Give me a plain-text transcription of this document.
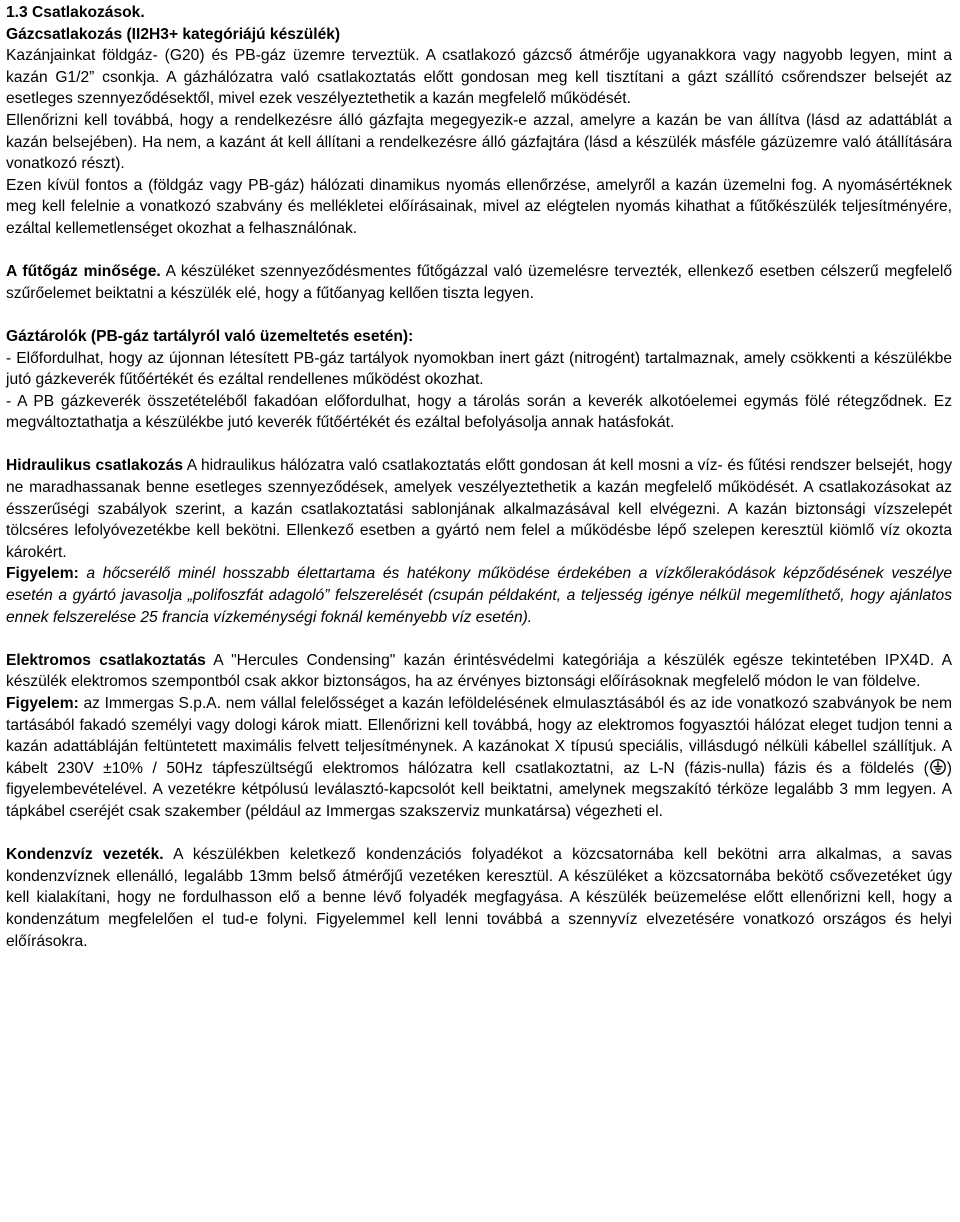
1.3 Csatlakozások.

Gázcsatlakozás (II2H3+ kategóriájú készülék)

Kazánjainkat földgáz- (G20) és PB-gáz üzemre terveztük. A csatlakozó gázcső átmérője ugyanakkora vagy nagyobb legyen, mint a kazán G1/2” csonkja. A gázhálózatra való csatlakoztatás előtt gondosan meg kell tisztítani a gázt szállító csőrendszer belsejét az esetleges szennyeződésektől, mivel ezek veszélyeztethetik a kazán megfelelő működését.

Ellenőrizni kell továbbá, hogy a rendelkezésre álló gázfajta megegyezik-e azzal, amelyre a kazán be van állítva (lásd az adattáblát a kazán belsejében). Ha nem, a kazánt át kell állítani a rendelkezésre álló gázfajtára (lásd a készülék másféle gázüzemre való átállítására vonatkozó részt).

Ezen kívül fontos a (földgáz vagy PB-gáz) hálózati dinamikus nyomás ellenőrzése, amelyről a kazán üzemelni fog. A nyomásértéknek meg kell felelnie a vonatkozó szabvány és mellékletei előírásainak, mivel az elégtelen nyomás kihathat a fűtőkészülék teljesítményére, ezáltal kellemetlenséget okozhat a felhasználónak.

A fűtőgáz minősége. A készüléket szennyeződésmentes fűtőgázzal való üzemelésre tervezték, ellenkező esetben célszerű megfelelő szűrőelemet beiktatni a készülék elé, hogy a fűtőanyag kellően tiszta legyen.

Gáztárolók (PB-gáz tartályról való üzemeltetés esetén):

- Előfordulhat, hogy az újonnan létesített PB-gáz tartályok nyomokban inert gázt (nitrogént) tartalmaznak, amely csökkenti a készülékbe jutó gázkeverék fűtőértékét és ezáltal rendellenes működést okozhat.

- A PB gázkeverék összetételéből fakadóan előfordulhat, hogy a tárolás során a keverék alkotóelemei egymás fölé rétegződnek. Ez megváltoztathatja a készülékbe jutó keverék fűtőértékét és ezáltal befolyásolja annak hatásfokát.

Hidraulikus csatlakozás A hidraulikus hálózatra való csatlakoztatás előtt gondosan át kell mosni a víz- és fűtési rendszer belsejét, hogy ne maradhassanak benne esetleges szennyeződések, amelyek veszélyeztethetik a kazán megfelelő működését. A csatlakozásokat az ésszerűségi szabályok szerint, a kazán csatlakoztatási sablonjának alkalmazásával kell elvégezni. A kazán biztonsági vízszelepét tölcséres lefolyóvezetékbe kell bekötni. Ellenkező esetben a gyártó nem felel a működésbe lépő szelepen keresztül kiömlő víz okozta károkért.

Figyelem: a hőcserélő minél hosszabb élettartama és hatékony működése érdekében a vízkőlerakódások képződésének veszélye esetén a gyártó javasolja „polifoszfát adagoló” felszerelését (csupán példaként, a teljesség igénye nélkül megemlíthető, hogy ajánlatos ennek felszerelése 25 francia vízkeménységi foknál keményebb víz esetén).

Elektromos csatlakoztatás A "Hercules Condensing" kazán érintésvédelmi kategóriája a készülék egésze tekintetében IPX4D. A készülék elektromos szempontból csak akkor biztonságos, ha az érvényes biztonsági előírásoknak megfelelő módon le van földelve.

Figyelem: az Immergas S.p.A. nem vállal felelősséget a kazán leföldelésének elmulasztásából és az ide vonatkozó szabványok be nem tartásából fakadó személyi vagy dologi károk miatt. Ellenőrizni kell továbbá, hogy az elektromos fogyasztói hálózat eleget tudjon tenni a kazán adattábláján feltüntetett maximális felvett teljesítménynek. A kazánokat X típusú speciális, villásdugó nélküli kábellel szállítjuk. A kábelt 230V ±10% / 50Hz tápfeszültségű elektromos hálózatra kell csatlakoztatni, az L-N (fázis-nulla) fázis és a földelés ( ) figyelembevételével. A vezetékre kétpólusú leválasztó-kapcsolót kell beiktatni, amelynek megszakító térköze legalább 3 mm legyen. A tápkábel cseréjét csak szakember (például az Immergas szakszerviz munkatársa) végezheti el.

Kondenzvíz vezeték. A készülékben keletkező kondenzációs folyadékot a közcsatornába kell bekötni arra alkalmas, a savas kondenzvíznek ellenálló, legalább 13mm belső átmérőjű vezetéken keresztül. A készüléket a közcsatornába bekötő csővezetéket úgy kell kialakítani, hogy ne fordulhasson elő a benne lévő folyadék megfagyása. A készülék beüzemelése előtt ellenőrizni kell, hogy a kondenzátum megfelelően el tud-e folyni. Figyelemmel kell lenni továbbá a szennyvíz elvezetésére vonatkozó országos és helyi előírásokra.
